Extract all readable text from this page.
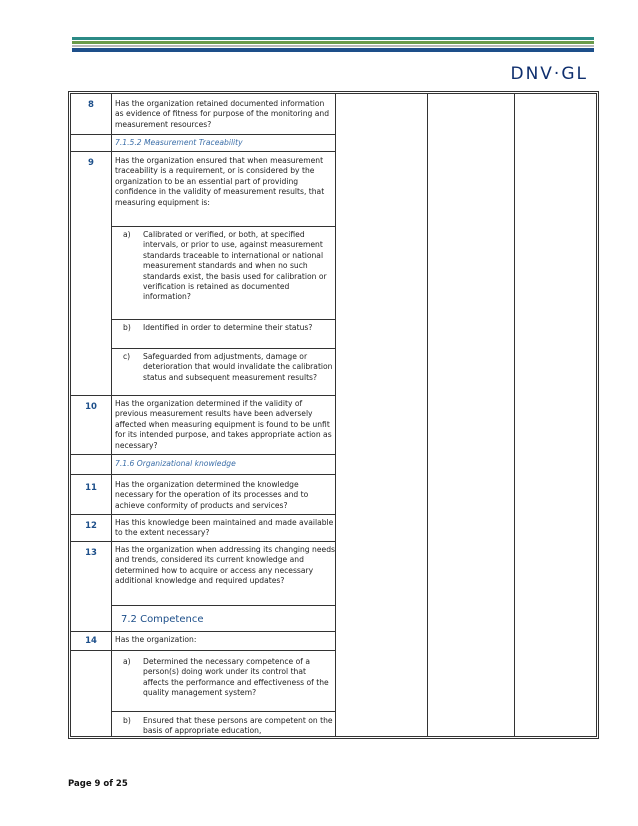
DNV·GL
8	Has the organization retained documented information as evidence of fitness for purpose of the monitoring and measurement resources?
7.1.5.2 Measurement Traceability
9	Has the organization ensured that when measurement traceability is a requirement, or is considered by the organization to be an essential part of providing confidence in the validity of measurement results, that measuring equipment is:
a) Calibrated or verified, or both, at specified intervals, or prior to use, against measurement standards traceable to international or national measurement standards and when no such standards exist, the basis used for calibration or verification is retained as documented information?
b) Identified in order to determine their status?
c) Safeguarded from adjustments, damage or deterioration that would invalidate the calibration status and subsequent measurement results?
10	Has the organization determined if the validity of previous measurement results have been adversely affected when measuring equipment is found to be unfit for its intended purpose, and takes appropriate action as necessary?
7.1.6 Organizational knowledge
11	Has the organization determined the knowledge necessary for the operation of its processes and to achieve conformity of products and services?
12	Has this knowledge been maintained and made available to the extent necessary?
13	Has the organization when addressing its changing needs and trends, considered its current knowledge and determined how to acquire or access any necessary additional knowledge and required updates?
7.2 Competence
14	Has the organization:
a) Determined the necessary competence of a person(s) doing work under its control that affects the performance and effectiveness of the quality management system?
b) Ensured that these persons are competent on the basis of appropriate education,
Page 9 of 25
